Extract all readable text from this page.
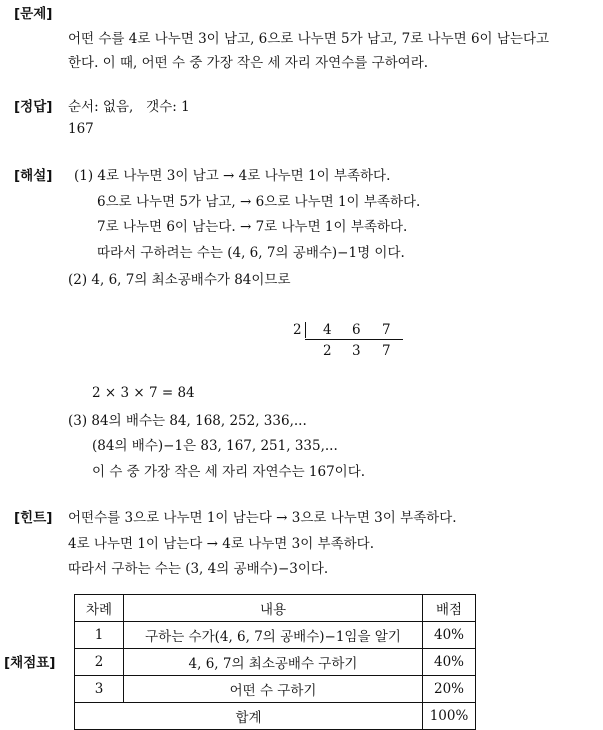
[문제]
어떤 수를 4로 나누면 3이 남고, 6으로 나누면 5가 남고, 7로 나누면 6이 남는다고
한다. 이 때, 어떤 수 중 가장 작은 세 자리 자연수를 구하여라.
[정답] 순서: 없음,   갯수: 1
167
[해설] (1) 4로 나누면 3이 남고 → 4로 나누면 1이 부족하다.
6으로 나누면 5가 남고, → 6으로 나누면 1이 부족하다.
7로 나누면 6이 남는다. → 7로 나누면 1이 부족하다.
따라서 구하려는 수는 (4, 6, 7의 공배수)−1명 이다.
(2) 4, 6, 7의 최소공배수가 84이므로
2 4 6 7
2 3 7
2 × 3 × 7 = 84
(3) 84의 배수는 84, 168, 252, 336,...
(84의 배수)−1은 83, 167, 251, 335,...
이 수 중 가장 작은 세 자리 자연수는 167이다.
[힌트] 어떤수를 3으로 나누면 1이 남는다 → 3으로 나누면 3이 부족하다.
4로 나누면 1이 남는다 → 4로 나누면 3이 부족하다.
따라서 구하는 수는 (3, 4의 공배수)−3이다.
[채점표]
차례	내용	배점
1	구하는 수가(4, 6, 7의 공배수)−1임을 알기	40%
2	4, 6, 7의 최소공배수 구하기	40%
3	어떤 수 구하기	20%
합계		100%
